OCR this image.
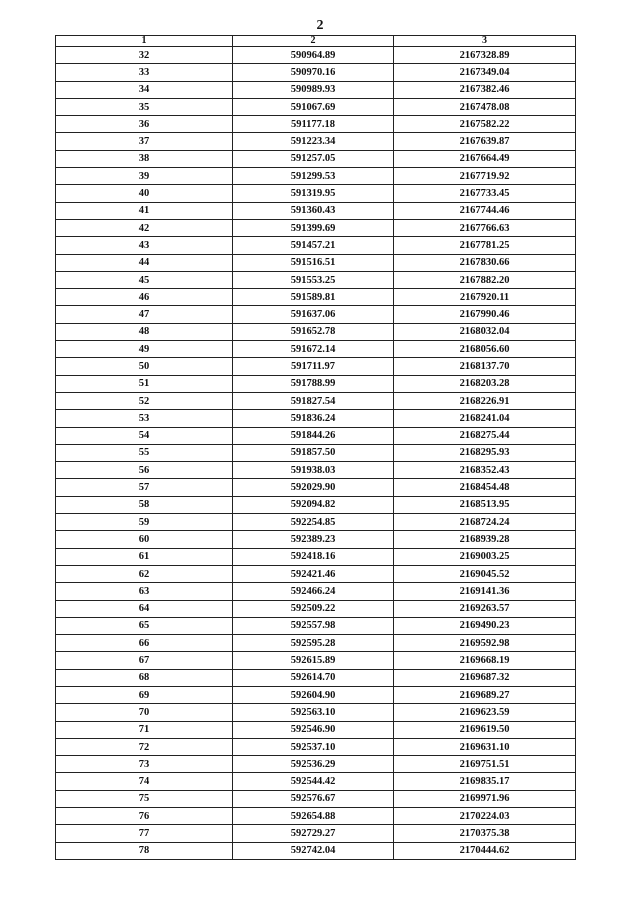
2
1	2	3
32	590964.89	2167328.89
33	590970.16	2167349.04
34	590989.93	2167382.46
35	591067.69	2167478.08
36	591177.18	2167582.22
37	591223.34	2167639.87
38	591257.05	2167664.49
39	591299.53	2167719.92
40	591319.95	2167733.45
41	591360.43	2167744.46
42	591399.69	2167766.63
43	591457.21	2167781.25
44	591516.51	2167830.66
45	591553.25	2167882.20
46	591589.81	2167920.11
47	591637.06	2167990.46
48	591652.78	2168032.04
49	591672.14	2168056.60
50	591711.97	2168137.70
51	591788.99	2168203.28
52	591827.54	2168226.91
53	591836.24	2168241.04
54	591844.26	2168275.44
55	591857.50	2168295.93
56	591938.03	2168352.43
57	592029.90	2168454.48
58	592094.82	2168513.95
59	592254.85	2168724.24
60	592389.23	2168939.28
61	592418.16	2169003.25
62	592421.46	2169045.52
63	592466.24	2169141.36
64	592509.22	2169263.57
65	592557.98	2169490.23
66	592595.28	2169592.98
67	592615.89	2169668.19
68	592614.70	2169687.32
69	592604.90	2169689.27
70	592563.10	2169623.59
71	592546.90	2169619.50
72	592537.10	2169631.10
73	592536.29	2169751.51
74	592544.42	2169835.17
75	592576.67	2169971.96
76	592654.88	2170224.03
77	592729.27	2170375.38
78	592742.04	2170444.62
